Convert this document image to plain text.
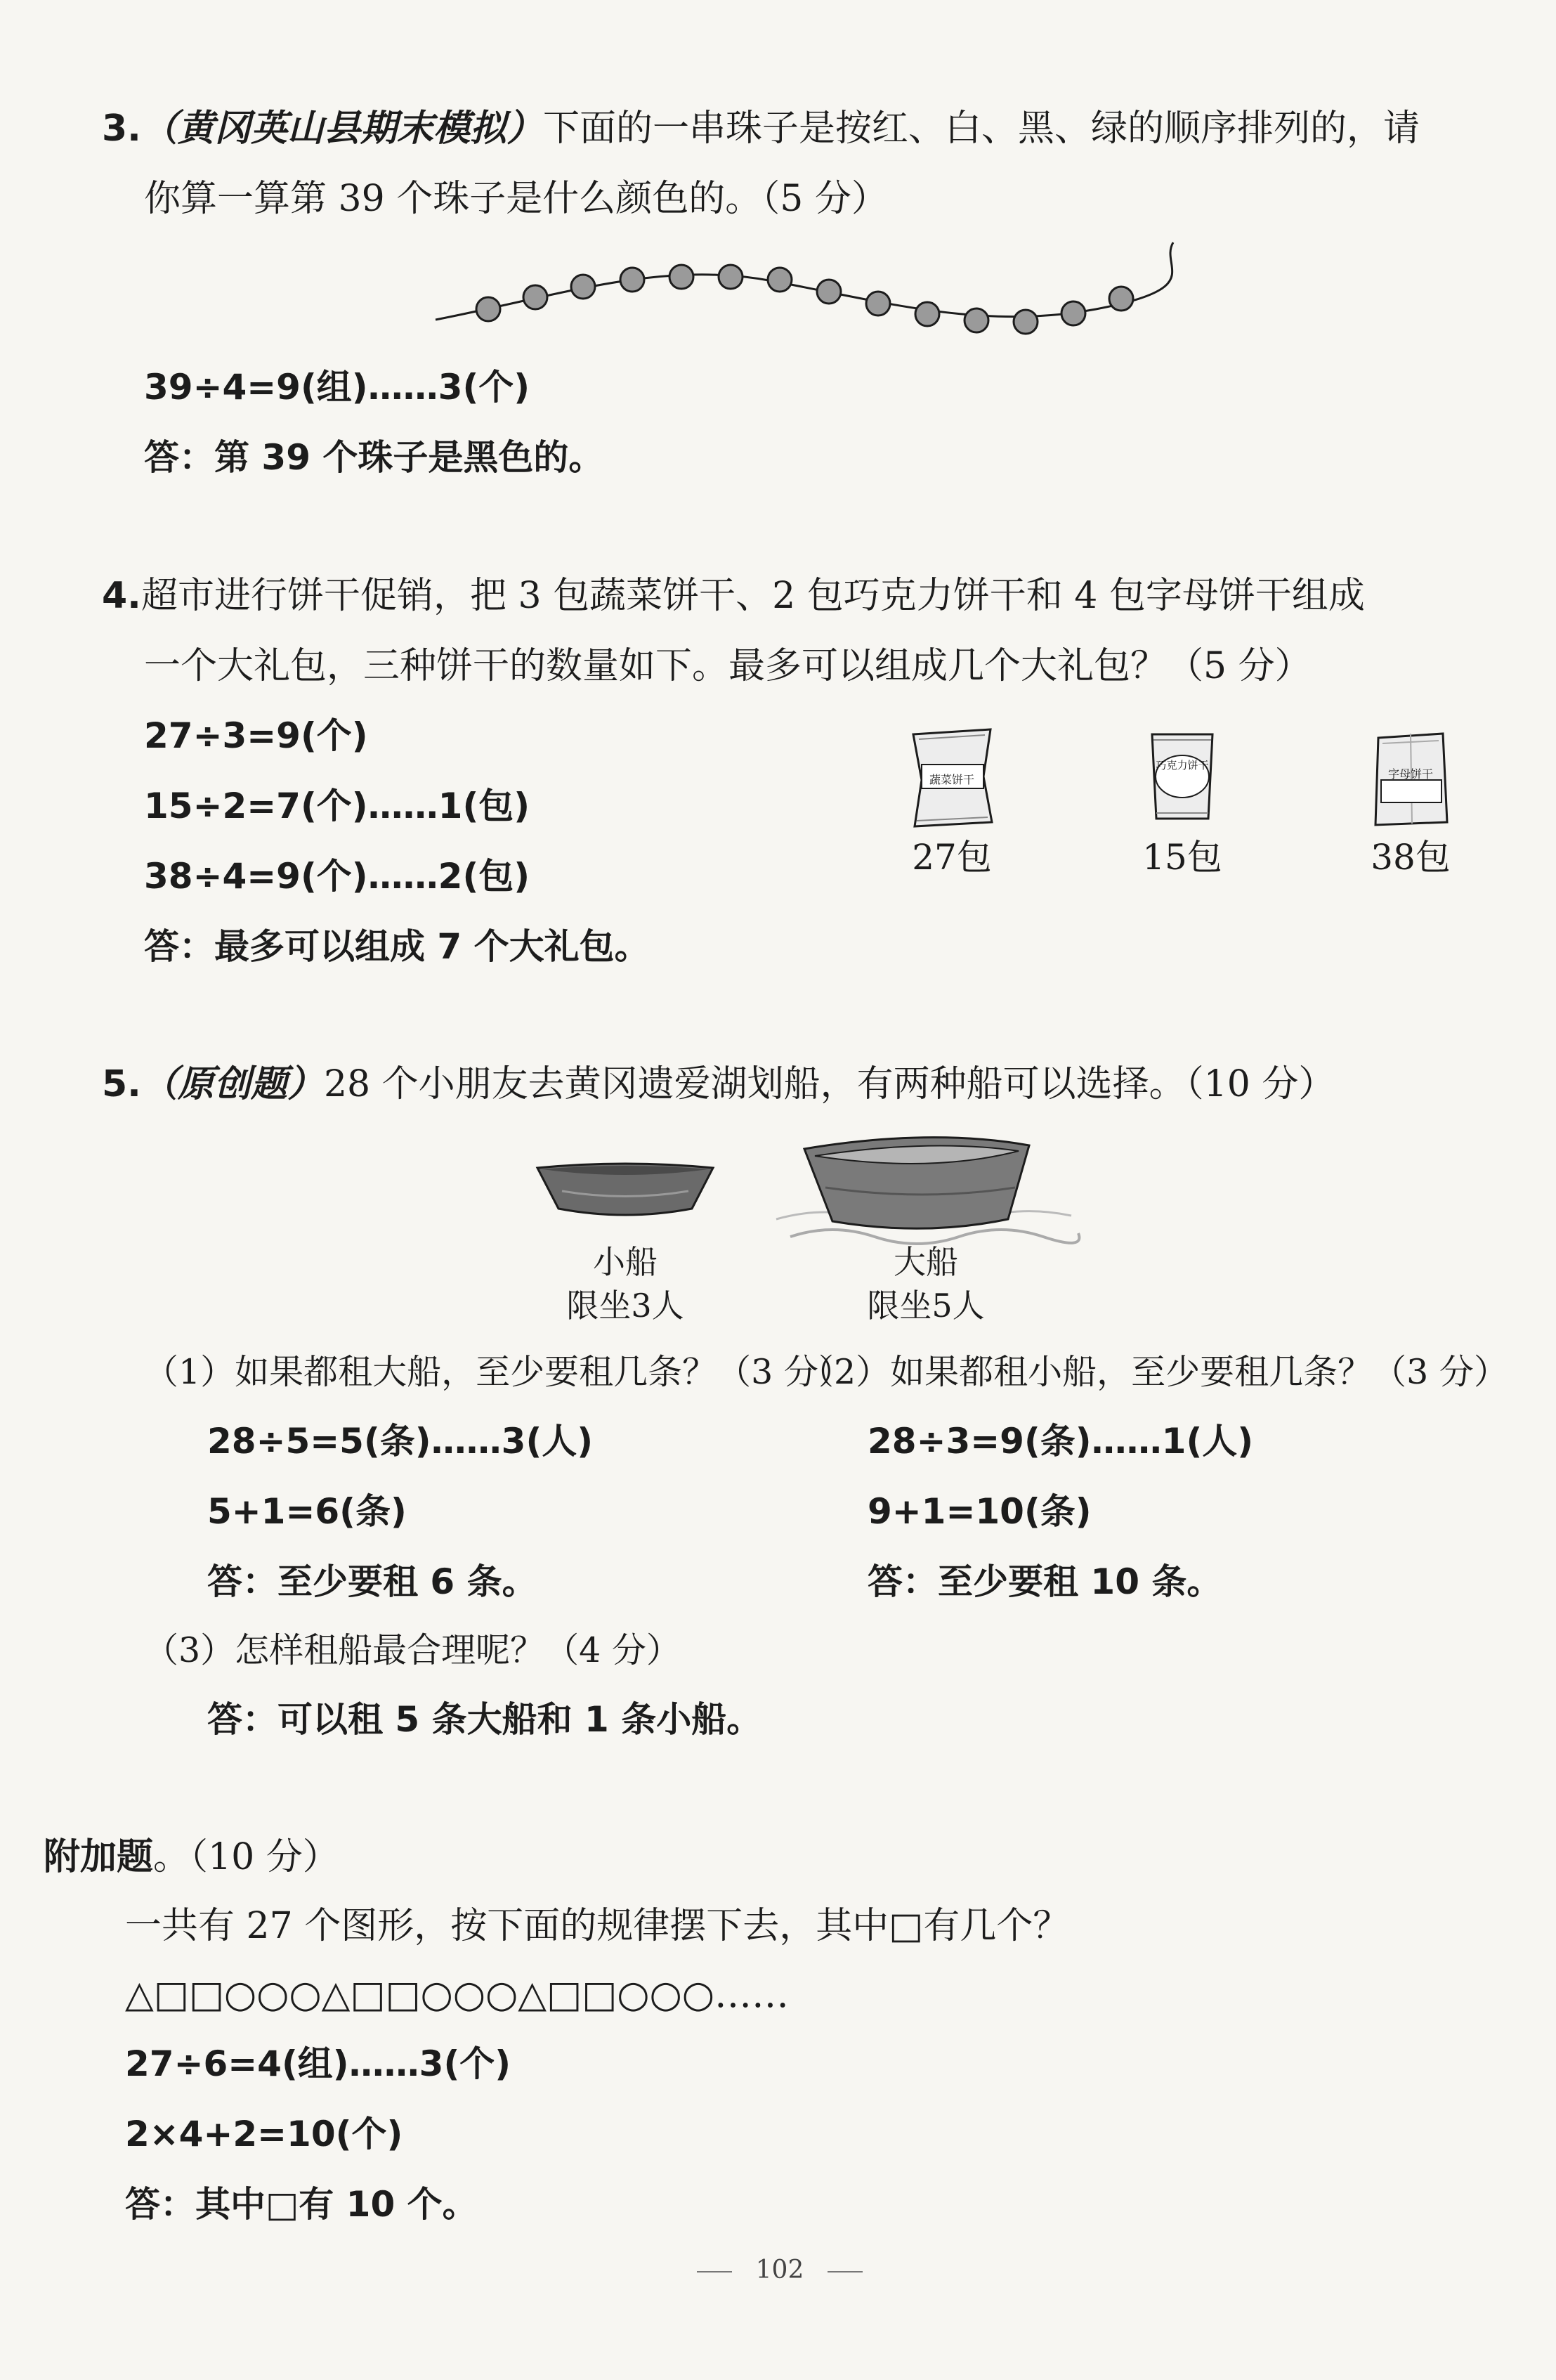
3.（黄冈英山县期末模拟）下面的一串珠子是按红、白、黑、绿的顺序排列的，请
你算一算第 39 个珠子是什么颜色的。（5 分）
39÷4=9(组)……3(个)
答：第 39 个珠子是黑色的。
4.超市进行饼干促销，把 3 包蔬菜饼干、2 包巧克力饼干和 4 包字母饼干组成
一个大礼包，三种饼干的数量如下。最多可以组成几个大礼包？（5 分）
27÷3=9(个)
15÷2=7(个)……1(包)
38÷4=9(个)……2(包)
答：最多可以组成 7 个大礼包。
蔬菜饼干
巧克力饼干
字母饼干
27包	15包	38包
5.（原创题）28 个小朋友去黄冈遗爱湖划船，有两种船可以选择。（10 分）
小船
限坐3人
大船
限坐5人
（1）如果都租大船，至少要租几条？（3 分）
（2）如果都租小船，至少要租几条？（3 分）
28÷5=5(条)……3(人)
5+1=6(条)
答：至少要租 6 条。
28÷3=9(条)……1(人)
9+1=10(条)
答：至少要租 10 条。
（3）怎样租船最合理呢？（4 分）
答：可以租 5 条大船和 1 条小船。
附加题。（10 分）
一共有 27 个图形，按下面的规律摆下去，其中□有几个？
△□□○○○△□□○○○△□□○○○……
27÷6=4(组)……3(个)
2×4+2=10(个)
答：其中□有 10 个。
102
